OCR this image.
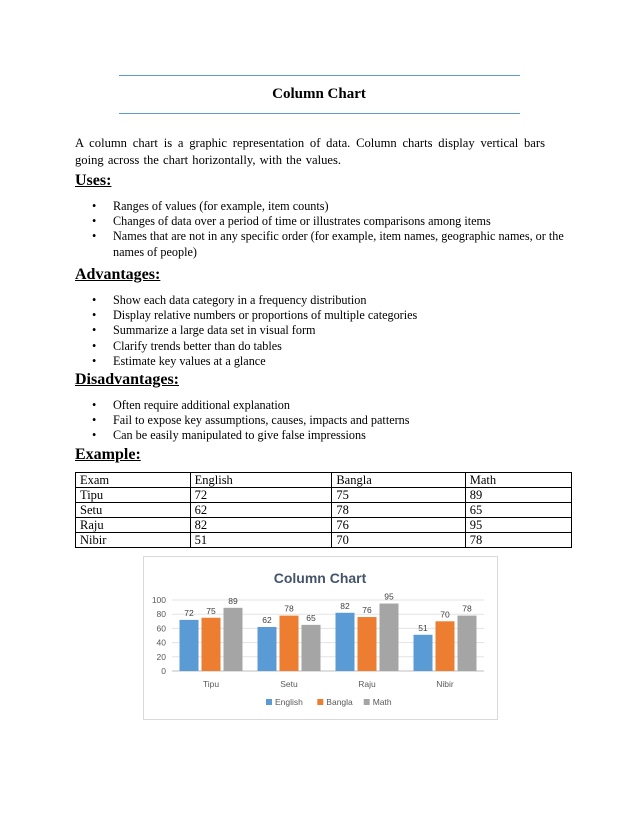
Column Chart
A column chart is a graphic representation of data. Column charts display vertical bars going across the chart horizontally, with the values.
Uses:
• Ranges of values (for example, item counts)
• Changes of data over a period of time or illustrates comparisons among items
• Names that are not in any specific order (for example, item names, geographic names, or the names of people)
Advantages:
• Show each data category in a frequency distribution
• Display relative numbers or proportions of multiple categories
• Summarize a large data set in visual form
• Clarify trends better than do tables
• Estimate key values at a glance
Disadvantages:
• Often require additional explanation
• Fail to expose key assumptions, causes, impacts and patterns
• Can be easily manipulated to give false impressions
Example:
Exam	English	Bangla	Math
Tipu	72	75	89
Setu	62	78	65
Raju	82	76	95
Nibir	51	70	78
Column Chart
0
20
40
60
80
100
72 75
89
Tipu
62
78
65
Setu
82 76
95
Raju
51
70
78
Nibir
English	Bangla Math
